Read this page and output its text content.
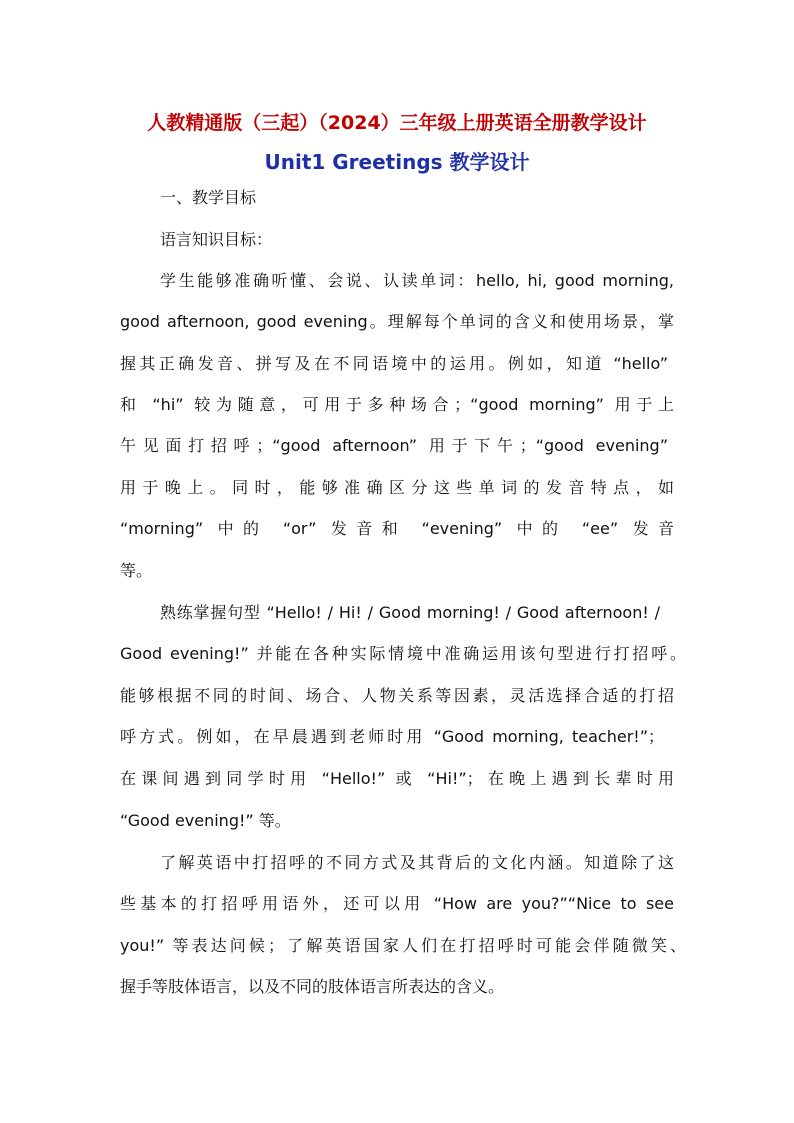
人教精通版（三起）（2024）三年级上册英语全册教学设计
Unit1 Greetings 教学设计
一、教学目标
语言知识目标：
学生能够准确听懂、会说、认读单词：hello, hi, good morning,
good afternoon, good evening。理解每个单词的含义和使用场景，掌
握其正确发音、拼写及在不同语境中的运用。例如，知道 “hello”
和 “hi” 较为随意，可用于多种场合；“good morning” 用于上
午见面打招呼；“good afternoon” 用于下午；“good evening”
用于晚上。同时，能够准确区分这些单词的发音特点，如
“morning” 中的 “or” 发音和 “evening” 中的 “ee” 发音
等。
熟练掌握句型 “Hello! / Hi! / Good morning! / Good afternoon! /
Good evening!” 并能在各种实际情境中准确运用该句型进行打招呼。
能够根据不同的时间、场合、人物关系等因素，灵活选择合适的打招
呼方式。例如，在早晨遇到老师时用 “Good morning, teacher!”；
在课间遇到同学时用 “Hello!” 或 “Hi!”；在晚上遇到长辈时用
“Good evening!” 等。
了解英语中打招呼的不同方式及其背后的文化内涵。知道除了这
些基本的打招呼用语外，还可以用 “How are you?”“Nice to see
you!” 等表达问候；了解英语国家人们在打招呼时可能会伴随微笑、
握手等肢体语言，以及不同的肢体语言所表达的含义。
